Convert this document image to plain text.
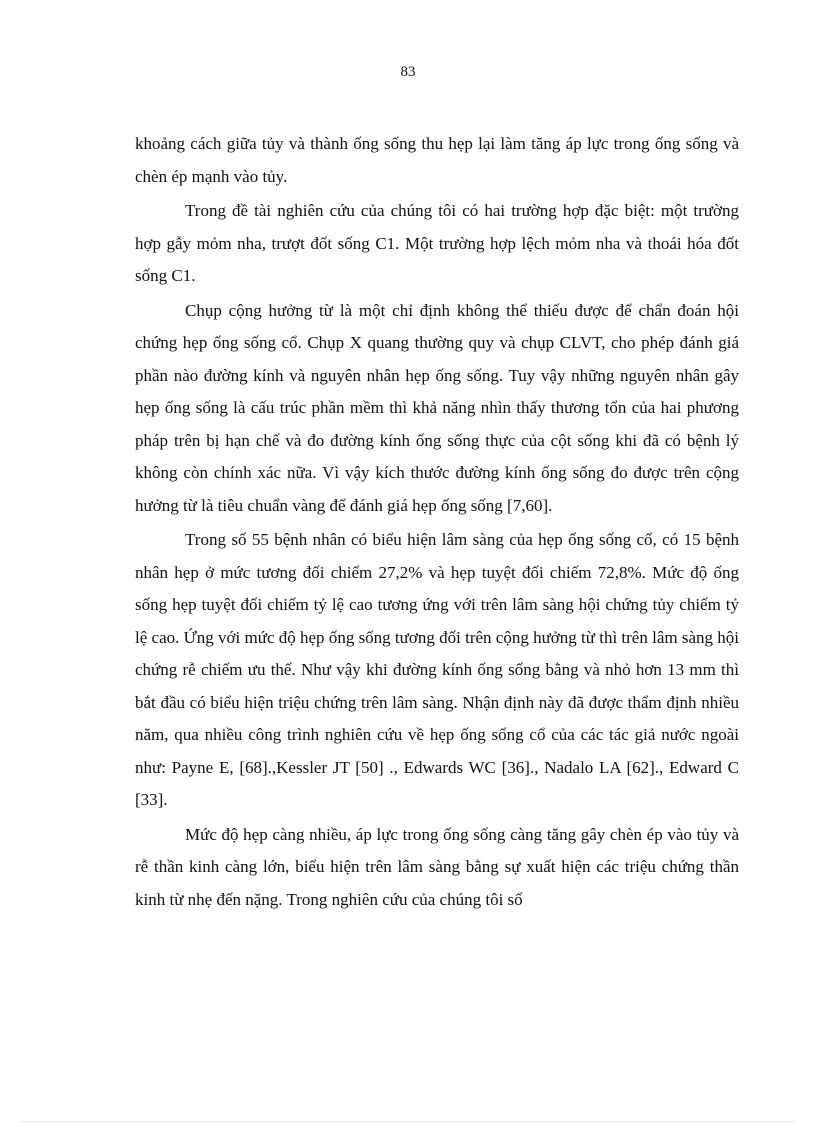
83

khoảng cách giữa tủy và thành ống sống thu hẹp lại làm tăng áp lực trong ống sống và chèn ép mạnh vào tủy.

Trong đề tài nghiên cứu của chúng tôi có hai trường hợp đặc biệt: một trường hợp gẫy mỏm nha, trượt đốt sống C1. Một trường hợp lệch mỏm nha và thoái hóa đốt sống C1.

Chụp cộng hưởng từ là một chỉ định không thể thiếu được để chẩn đoán hội chứng hẹp ống sống cổ. Chụp X quang thường quy và chụp CLVT, cho phép đánh giá phần nào đường kính và nguyên nhân hẹp ống sống. Tuy vậy những nguyên nhân gây hẹp ống sống là cấu trúc phần mềm thì khả năng nhìn thấy thương tổn của hai phương pháp trên bị hạn chế và đo đường kính ống sống thực của cột sống khi đã có bệnh lý không còn chính xác nữa. Vì vậy kích thước đường kính ống sống đo được trên cộng hưởng từ là tiêu chuẩn vàng để đánh giá hẹp ống sống [7,60].

Trong số 55 bệnh nhân có biểu hiện lâm sàng của hẹp ống sống cổ, có 15 bệnh nhân hẹp ở mức tương đối chiếm 27,2% và hẹp tuyệt đối chiếm 72,8%. Mức độ ống sống hẹp tuyệt đối chiếm tỷ lệ cao tương ứng với trên lâm sàng hội chứng tủy chiếm tỷ lệ cao. Ứng với mức độ hẹp ống sống tương đối trên cộng hưởng từ thì trên lâm sàng hội chứng rễ chiếm ưu thế. Như vậy khi đường kính ống sống bằng và nhỏ hơn 13 mm thì bắt đầu có biểu hiện triệu chứng trên lâm sàng. Nhận định này đã được thẩm định nhiều năm, qua nhiều công trình nghiên cứu về hẹp ống sống cổ của các tác giả nước ngoài như: Payne E, [68].,Kessler JT [50] ., Edwards WC [36]., Nadalo LA [62]., Edward C [33].

Mức độ hẹp càng nhiều, áp lực trong ống sống càng tăng gây chèn ép vào tủy và rễ thần kinh càng lớn, biểu hiện trên lâm sàng bằng sự xuất hiện các triệu chứng thần kinh từ nhẹ đến nặng. Trong nghiên cứu của chúng tôi số
